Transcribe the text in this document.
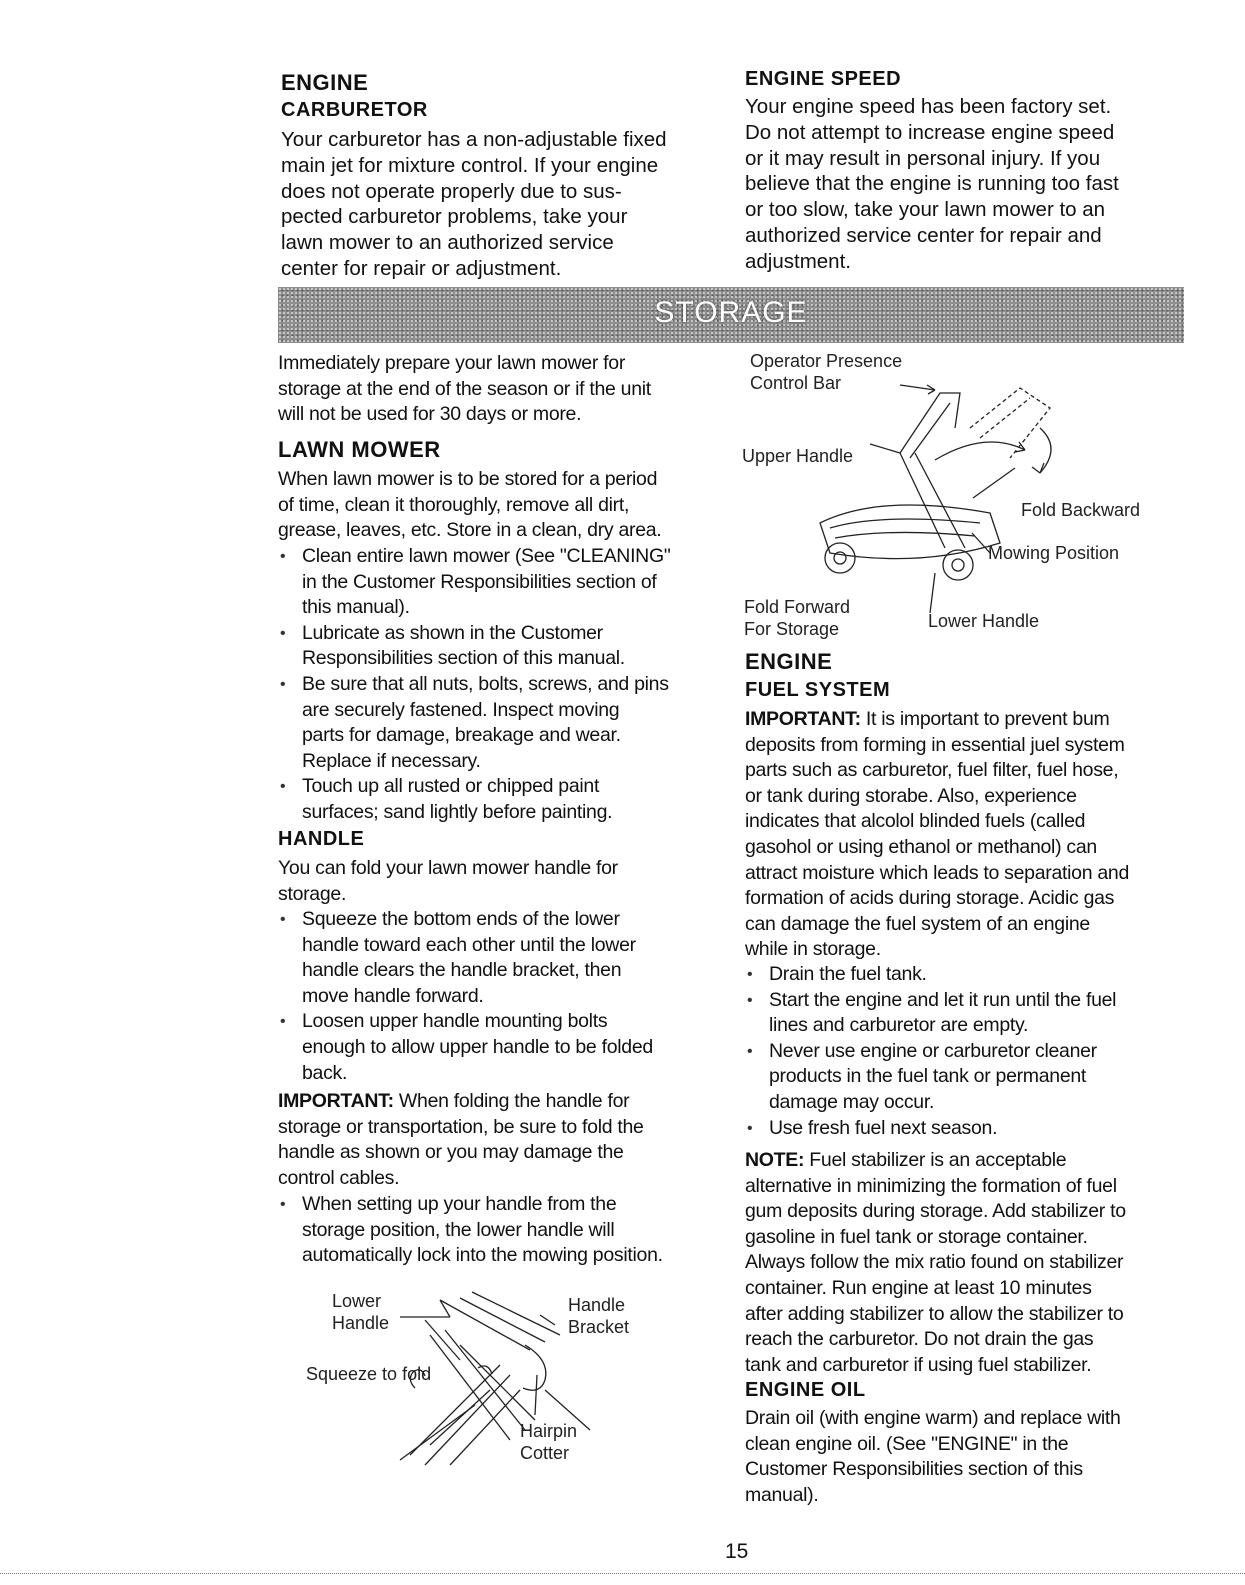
ENGINE
CARBURETOR

Your carburetor has a non-adjustable fixed
main jet for mixture control. If your engine
does not operate properly due to sus-
pected carburetor problems, take your
lawn mower to an authorized service
center for repair or adjustment.

ENGINE SPEED

Your engine speed has been factory set.
Do not attempt to increase engine speed
or it may result in personal injury. If you
believe that the engine is running too fast
or too slow, take your lawn mower to an
authorized service center for repair and
adjustment.

STORAGE

Immediately prepare your lawn mower for
storage at the end of the season or if the unit
will not be used for 30 days or more.

LAWN MOWER

When lawn mower is to be stored for a period
of time, clean it thoroughly, remove all dirt,
grease, leaves, etc. Store in a clean, dry area.

• Clean entire lawn mower (See "CLEANING"
in the Customer Responsibilities section of
this manual).
• Lubricate as shown in the Customer
Responsibilities section of this manual.
• Be sure that all nuts, bolts, screws, and pins
are securely fastened. Inspect moving
parts for damage, breakage and wear.
Replace if necessary.
• Touch up all rusted or chipped paint
surfaces; sand lightly before painting.
HANDLE

You can fold your lawn mower handle for
storage.

• Squeeze the bottom ends of the lower
handle toward each other until the lower
handle clears the handle bracket, then
move handle forward.
• Loosen upper handle mounting bolts
enough to allow upper handle to be folded
back.

IMPORTANT: When folding the handle for
storage or transportation, be sure to fold the
handle as shown or you may damage the
control cables.

• When setting up your handle from the
storage position, the lower handle will
automatically lock into the mowing position.
Lower
Handle
Handle
Bracket
Squeeze to fold
Hairpin
Cotter
Operator Presence
Control Bar
Upper Handle
Fold Backward
Mowing Position
Fold Forward
For Storage	Lower Handle
ENGINE
FUEL SYSTEM

IMPORTANT: It is important to prevent bum
deposits from forming in essential juel system
parts such as carburetor, fuel filter, fuel hose,
or tank during storabe. Also, experience
indicates that alcolol blinded fuels (called
gasohol or using ethanol or methanol) can
attract moisture which leads to separation and
formation of acids during storage. Acidic gas
can damage the fuel system of an engine
while in storage.

• Drain the fuel tank.
• Start the engine and let it run until the fuel
lines and carburetor are empty.
• Never use engine or carburetor cleaner
products in the fuel tank or permanent
damage may occur.
• Use fresh fuel next season.

NOTE: Fuel stabilizer is an acceptable
alternative in minimizing the formation of fuel
gum deposits during storage. Add stabilizer to
gasoline in fuel tank or storage container.
Always follow the mix ratio found on stabilizer
container. Run engine at least 10 minutes
after adding stabilizer to allow the stabilizer to
reach the carburetor. Do not drain the gas
tank and carburetor if using fuel stabilizer.

ENGINE OIL

Drain oil (with engine warm) and replace with
clean engine oil. (See "ENGINE" in the
Customer Responsibilities section of this
manual).

15
